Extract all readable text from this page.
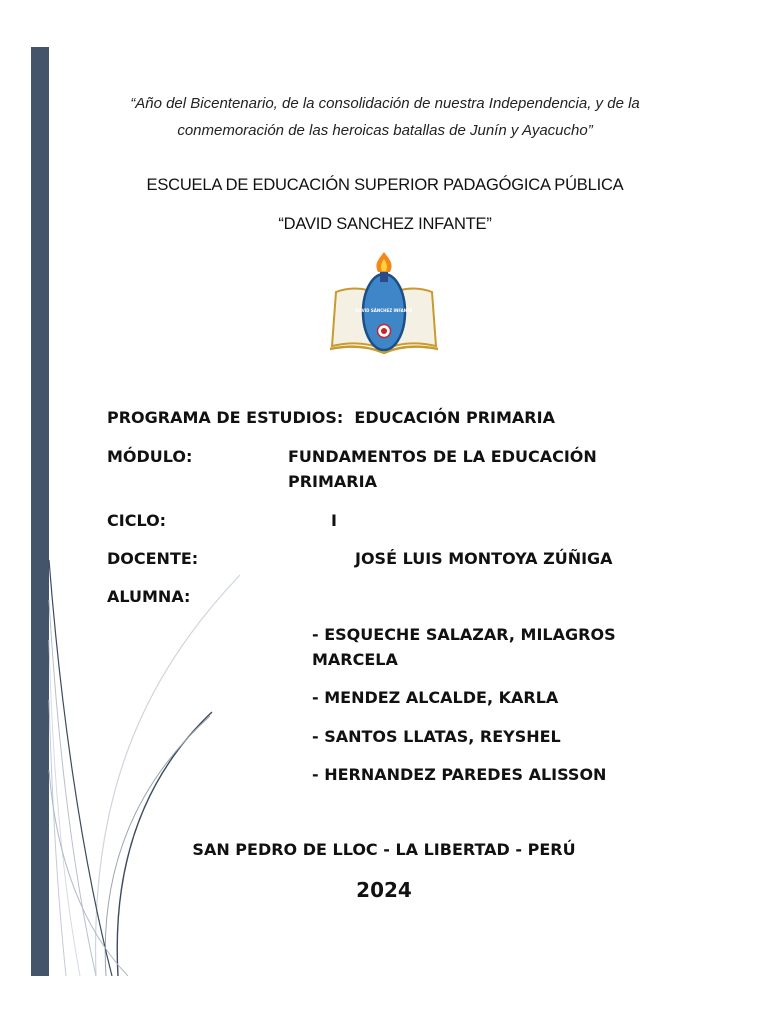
“Año del Bicentenario, de la consolidación de nuestra Independencia, y de la
conmemoración de las heroicas batallas de Junín y Ayacucho”
ESCUELA DE EDUCACIÓN SUPERIOR PADAGÓGICA PÚBLICA
“DAVID SANCHEZ INFANTE”
DAVID SÁNCHEZ INFANTE
PROGRAMA DE ESTUDIOS: EDUCACIÓN PRIMARIA
MÓDULO:	FUNDAMENTOS DE LA EDUCACIÓN
PRIMARIA
CICLO:	I
DOCENTE:	JOSÉ LUIS MONTOYA ZÚÑIGA
ALUMNA:
- ESQUECHE SALAZAR, MILAGROS
MARCELA
- MENDEZ ALCALDE, KARLA
- SANTOS LLATAS, REYSHEL
- HERNANDEZ PAREDES ALISSON
SAN PEDRO DE LLOC - LA LIBERTAD - PERÚ
2024
